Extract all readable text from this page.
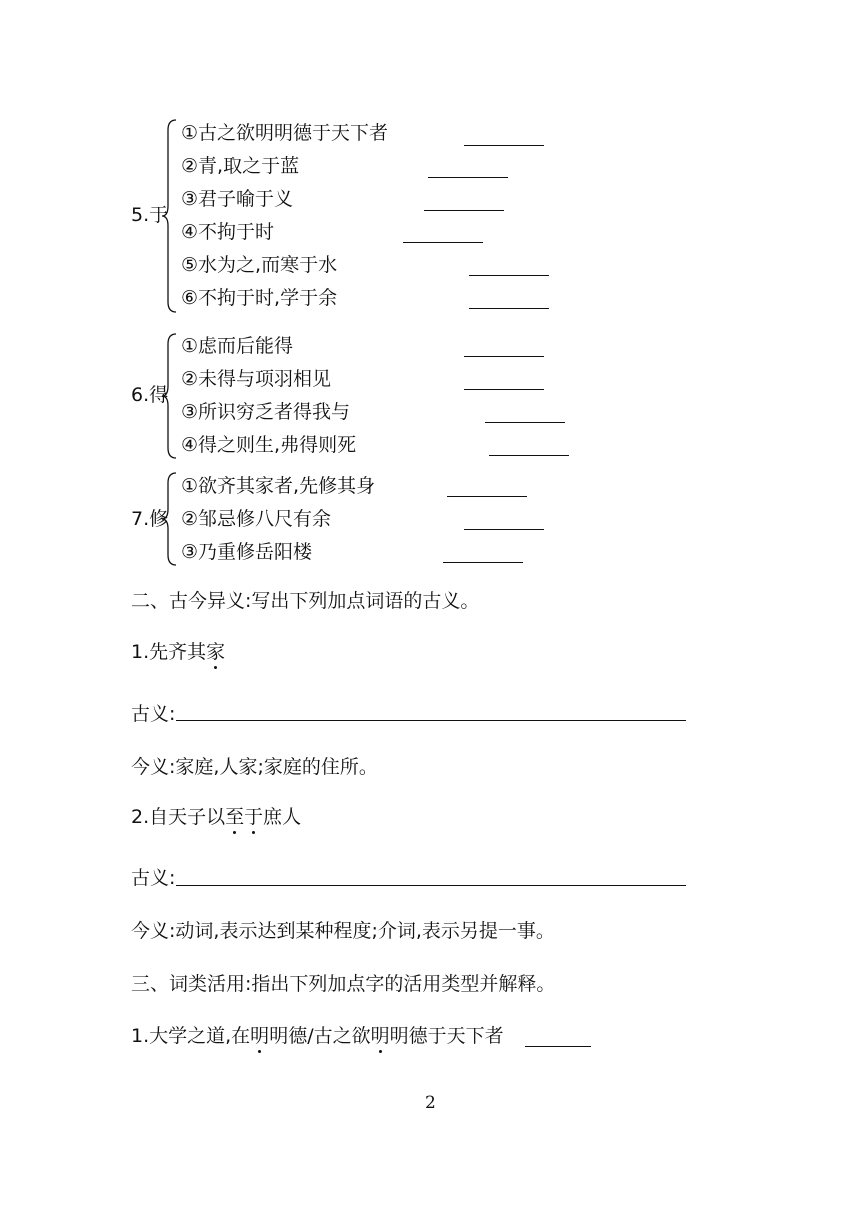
5.于
①古之欲明明德于天下者
②青,取之于蓝
③君子喻于义
④不拘于时
⑤水为之,而寒于水
⑥不拘于时,学于余
6.得
①虑而后能得
②未得与项羽相见
③所识穷乏者得我与
④得之则生,弗得则死
7.修
①欲齐其家者,先修其身
②邹忌修八尺有余
③乃重修岳阳楼
二、古今异义:写出下列加点词语的古义。
1.先齐其家
古义:
今义:家庭,人家;家庭的住所。
2.自天子以至于庶人
古义:
今义:动词,表示达到某种程度;介词,表示另提一事。
三、词类活用:指出下列加点字的活用类型并解释。
1.大学之道,在明明德/古之欲明明德于天下者
2
